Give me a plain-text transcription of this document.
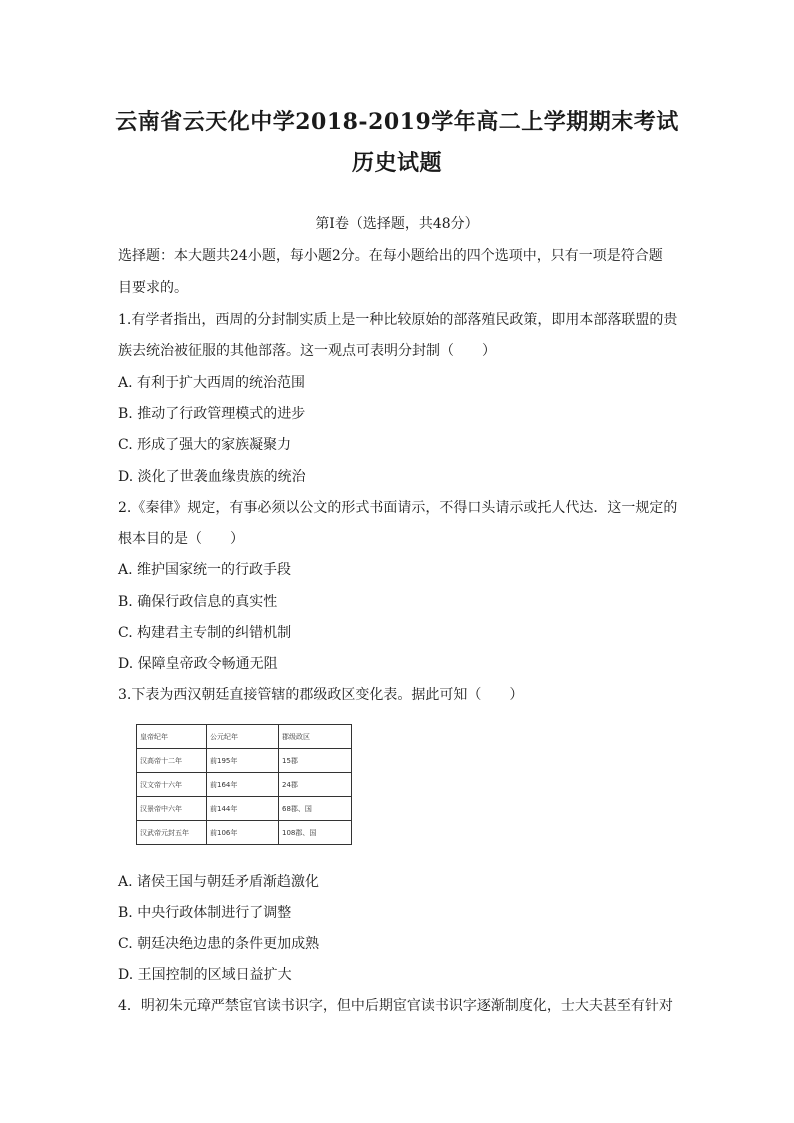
云南省云天化中学2018-2019学年高二上学期期末考试
历史试题
第Ⅰ卷（选择题，共48分）
选择题：本大题共24小题，每小题2分。在每小题给出的四个选项中，只有一项是符合题
目要求的。
1.有学者指出，西周的分封制实质上是一种比较原始的部落殖民政策，即用本部落联盟的贵
族去统治被征服的其他部落。这一观点可表明分封制（　　）
A. 有利于扩大西周的统治范围
B. 推动了行政管理模式的进步
C. 形成了强大的家族凝聚力
D. 淡化了世袭血缘贵族的统治
2.《秦律》规定，有事必须以公文的形式书面请示，不得口头请示或托人代达．这一规定的
根本目的是（　　）
A. 维护国家统一的行政手段
B. 确保行政信息的真实性
C. 构建君主专制的纠错机制
D. 保障皇帝政令畅通无阻
3.下表为西汉朝廷直接管辖的郡级政区变化表。据此可知（　　）
皇帝纪年	公元纪年	郡级政区
汉高帝十二年	前195年	15郡
汉文帝十六年	前164年	24郡
汉景帝中六年	前144年	68郡、国
汉武帝元封五年	前106年	108郡、国
A. 诸侯王国与朝廷矛盾渐趋激化
B. 中央行政体制进行了调整
C. 朝廷决绝边患的条件更加成熟
D. 王国控制的区域日益扩大
4．明初朱元璋严禁宦官读书识字，但中后期宦官读书识字逐渐制度化，士大夫甚至有针对
